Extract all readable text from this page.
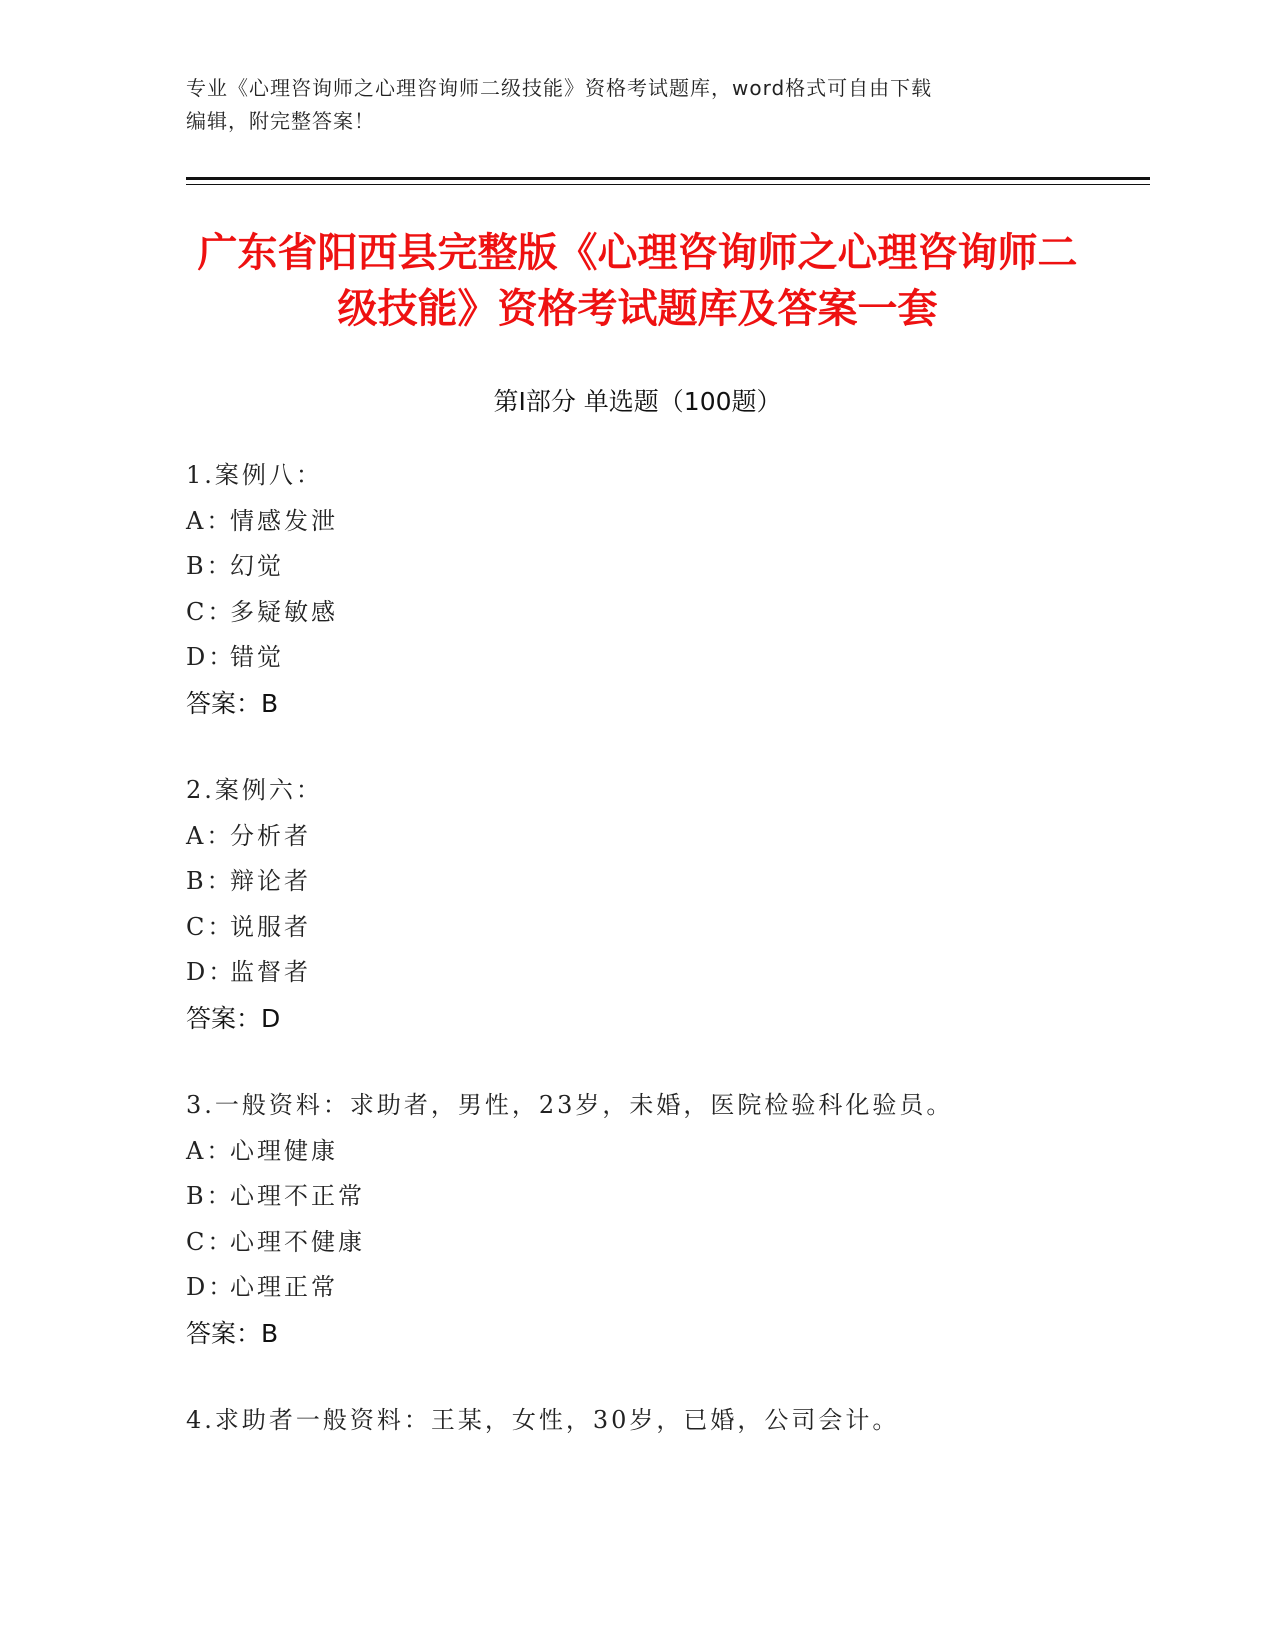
专业《心理咨询师之心理咨询师二级技能》资格考试题库，word格式可自由下载
编辑，附完整答案！
广东省阳西县完整版《心理咨询师之心理咨询师二级技能》资格考试题库及答案一套
第Ⅰ部分 单选题（100题）
1.案例八：
A：情感发泄
B：幻觉
C：多疑敏感
D：错觉
答案：B
2.案例六：
A：分析者
B：辩论者
C：说服者
D：监督者
答案：D
3.一般资料：求助者，男性，23岁，未婚，医院检验科化验员。
A：心理健康
B：心理不正常
C：心理不健康
D：心理正常
答案：B
4.求助者一般资料：王某，女性，30岁，已婚，公司会计。
